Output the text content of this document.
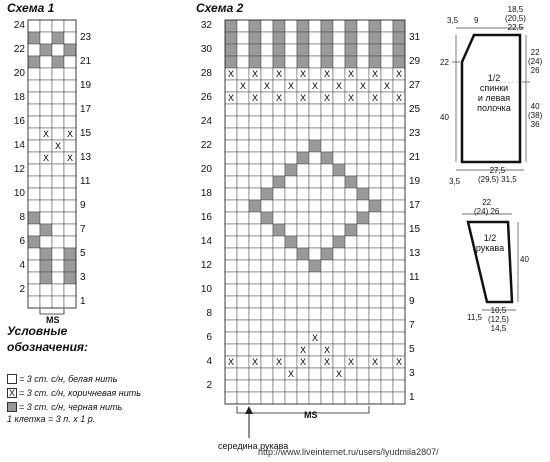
Схема 1
24
22
20
18
16
14
12
10
8
6
4
2
23
21
19
17
15
13
11
9
7
5
3
1
X X
X
X X
MS
Схема 2
32
30
28
26
24
22
20
18
16
14
12
10
8
6
4
2
31
29
27
25
23
21
19
17
15
13
11
9
7
5
3
1
X X X X X X X X
X X X X X X X
X X X X X X X X
X
X X
X X X X X X X X
X	X
MS
середина рукава
Условные
обозначения:
= 3 ст. с/н, белая нить
X = 3 ст. с/н, коричневая нить
= 3 ст. с/н, черная нить
1 клетка = 3 п. x 1 р.
3,5 9
18,5
(20,5)
22,5
22
40
22
(24)
26
40
(38)
36
1/2
спинки
и левая
полочка
3,5
27,5
(29,5) 31,5
22
(24) 26
40
1/2
рукава
11,5
10,5
(12,5)
14,5
http://www.liveinternet.ru/users/lyudmila2807/
